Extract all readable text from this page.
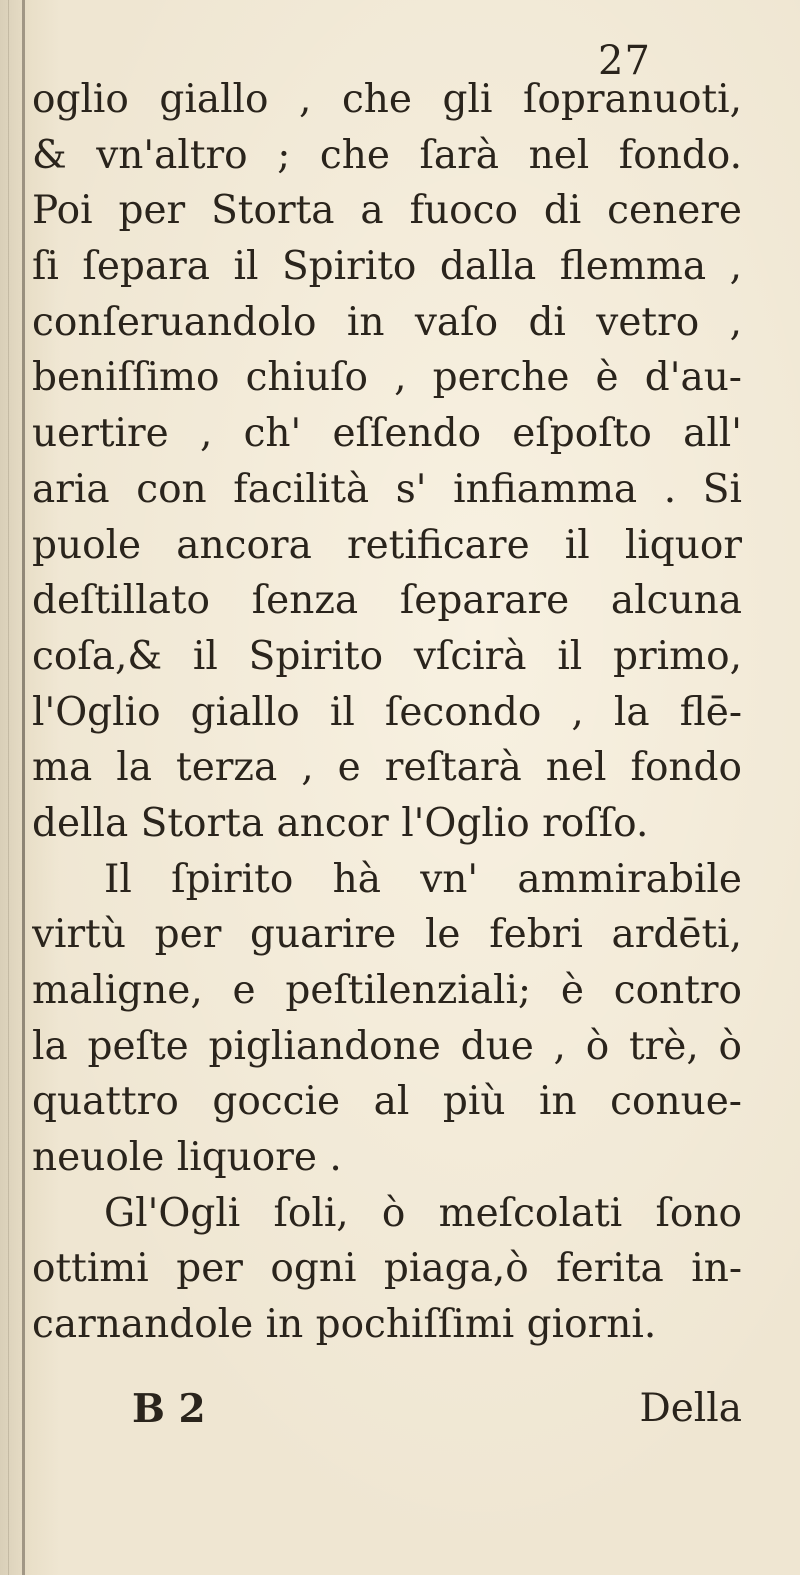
27
oglio giallo , che gli ſopranuoti,
& vn'altro ; che ſarà nel fondo.
Poi per Storta a fuoco di cenere
ſi ſepara il Spirito dalla flemma ,
conſeruandolo in vaſo di vetro ,
beniſſimo chiuſo , perche è d'au-
uertire , ch' eſſendo eſpoſto all'
aria con facilità s' infiamma . Si
puole ancora retificare il liquor
deſtillato ſenza ſeparare alcuna
coſa,& il Spirito vſcirà il primo,
l'Oglio giallo il ſecondo , la flē-
ma la terza , e reſtarà nel fondo
della Storta ancor l'Oglio roſſo.
Il ſpirito hà vn' ammirabile
virtù per guarire le febri ardēti,
maligne, e peſtilenziali; è contro
la peſte pigliandone due , ò trè, ò
quattro goccie al più in conue-
neuole liquore .
Gl'Ogli ſoli, ò meſcolati ſono
ottimi per ogni piaga,ò ferita in-
carnandole in pochiſſimi giorni.
B 2	Della
